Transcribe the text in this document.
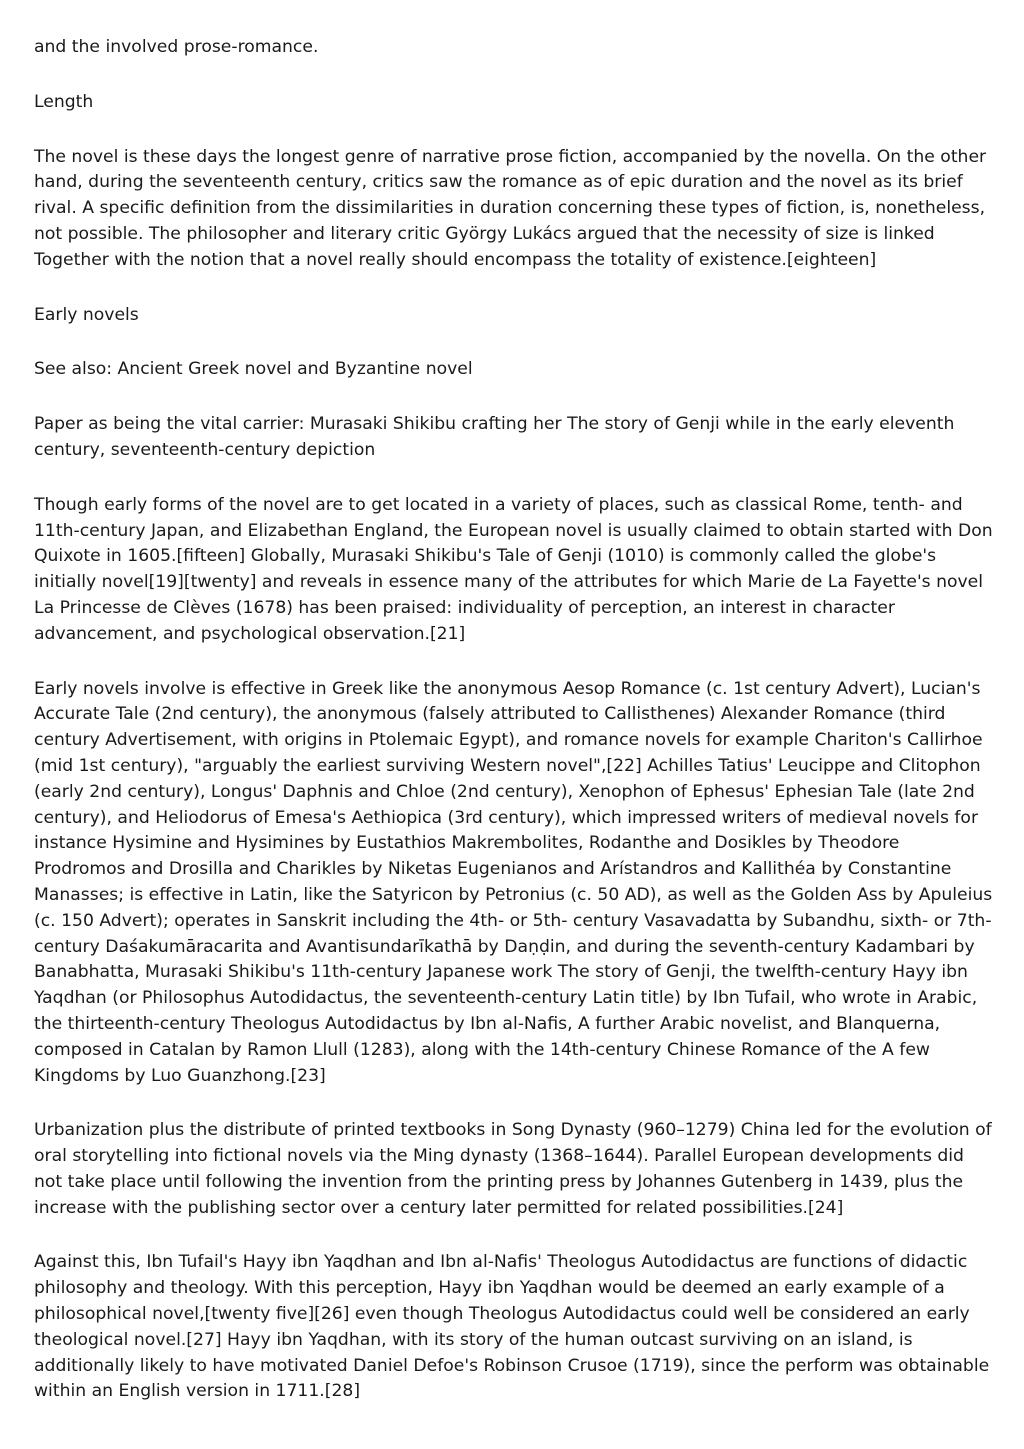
and the involved prose-romance.

Length

The novel is these days the longest genre of narrative prose fiction, accompanied by the novella. On the other hand, during the seventeenth century, critics saw the romance as of epic duration and the novel as its brief rival. A specific definition from the dissimilarities in duration concerning these types of fiction, is, nonetheless, not possible. The philosopher and literary critic György Lukács argued that the necessity of size is linked Together with the notion that a novel really should encompass the totality of existence.[eighteen]

Early novels

See also: Ancient Greek novel and Byzantine novel

Paper as being the vital carrier: Murasaki Shikibu crafting her The story of Genji while in the early eleventh century, seventeenth-century depiction

Though early forms of the novel are to get located in a variety of places, such as classical Rome, tenth- and 11th-century Japan, and Elizabethan England, the European novel is usually claimed to obtain started with Don Quixote in 1605.[fifteen] Globally, Murasaki Shikibu's Tale of Genji (1010) is commonly called the globe's initially novel[19][twenty] and reveals in essence many of the attributes for which Marie de La Fayette's novel La Princesse de Clèves (1678) has been praised: individuality of perception, an interest in character advancement, and psychological observation.[21]

Early novels involve is effective in Greek like the anonymous Aesop Romance (c. 1st century Advert), Lucian's Accurate Tale (2nd century), the anonymous (falsely attributed to Callisthenes) Alexander Romance (third century Advertisement, with origins in Ptolemaic Egypt), and romance novels for example Chariton's Callirhoe (mid 1st century), "arguably the earliest surviving Western novel",[22] Achilles Tatius' Leucippe and Clitophon (early 2nd century), Longus' Daphnis and Chloe (2nd century), Xenophon of Ephesus' Ephesian Tale (late 2nd century), and Heliodorus of Emesa's Aethiopica (3rd century), which impressed writers of medieval novels for instance Hysimine and Hysimines by Eustathios Makrembolites, Rodanthe and Dosikles by Theodore Prodromos and Drosilla and Charikles by Niketas Eugenianos and Arístandros and Kallithéa by Constantine Manasses; is effective in Latin, like the Satyricon by Petronius (c. 50 AD), as well as the Golden Ass by Apuleius (c. 150 Advert); operates in Sanskrit including the 4th- or 5th- century Vasavadatta by Subandhu, sixth- or 7th-century Daśakumāracarita and Avantisundarīkathā by Daṇḍin, and during the seventh-century Kadambari by Banabhatta, Murasaki Shikibu's 11th-century Japanese work The story of Genji, the twelfth-century Hayy ibn Yaqdhan (or Philosophus Autodidactus, the seventeenth-century Latin title) by Ibn Tufail, who wrote in Arabic, the thirteenth-century Theologus Autodidactus by Ibn al-Nafis, A further Arabic novelist, and Blanquerna, composed in Catalan by Ramon Llull (1283), along with the 14th-century Chinese Romance of the A few Kingdoms by Luo Guanzhong.[23]

Urbanization plus the distribute of printed textbooks in Song Dynasty (960–1279) China led for the evolution of oral storytelling into fictional novels via the Ming dynasty (1368–1644). Parallel European developments did not take place until following the invention from the printing press by Johannes Gutenberg in 1439, plus the increase with the publishing sector over a century later permitted for related possibilities.[24]

Against this, Ibn Tufail's Hayy ibn Yaqdhan and Ibn al-Nafis' Theologus Autodidactus are functions of didactic philosophy and theology. With this perception, Hayy ibn Yaqdhan would be deemed an early example of a philosophical novel,[twenty five][26] even though Theologus Autodidactus could well be considered an early theological novel.[27] Hayy ibn Yaqdhan, with its story of the human outcast surviving on an island, is additionally likely to have motivated Daniel Defoe's Robinson Crusoe (1719), since the perform was obtainable within an English version in 1711.[28]
